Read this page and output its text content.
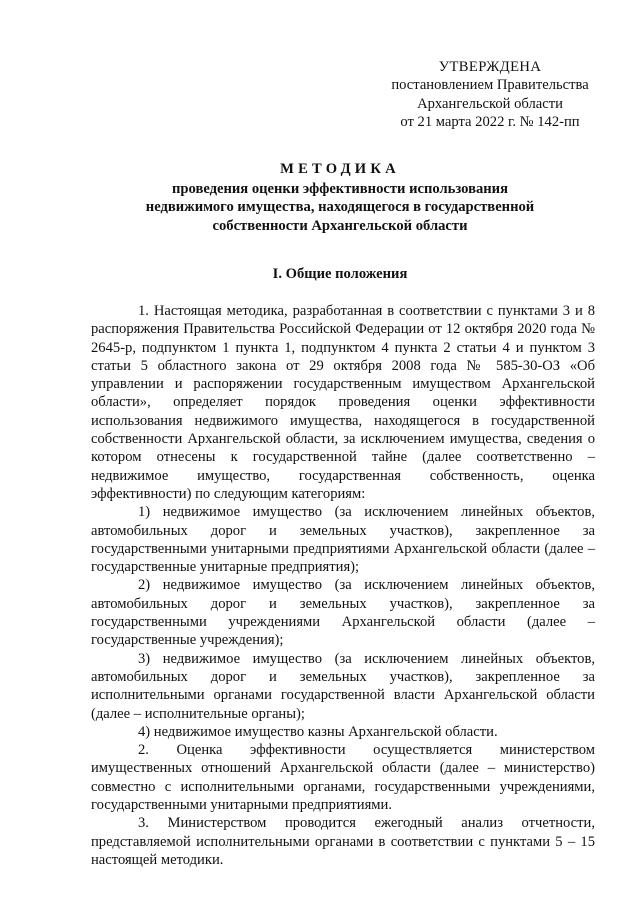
УТВЕРЖДЕНА
постановлением Правительства
Архангельской области
от 21 марта 2022 г. № 142-пп
МЕТОДИКА
проведения оценки эффективности использования
недвижимого имущества, находящегося в государственной
собственности Архангельской области
I. Общие положения

1. Настоящая методика, разработанная в соответствии с пунктами 3 и 8 распоряжения Правительства Российской Федерации от 12 октября 2020 года № 2645-р, подпунктом 1 пункта 1, подпунктом 4 пункта 2 статьи 4 и пунктом 3 статьи 5 областного закона от 29 октября 2008 года № 585-30-ОЗ «Об управлении и распоряжении государственным имуществом Архангельской области», определяет порядок проведения оценки эффективности использования недвижимого имущества, находящегося в государственной собственности Архангельской области, за исключением имущества, сведения о котором отнесены к государственной тайне (далее соответственно – недвижимое имущество, государственная собственность, оценка эффективности) по следующим категориям:

1) недвижимое имущество (за исключением линейных объектов, автомобильных дорог и земельных участков), закрепленное за государственными унитарными предприятиями Архангельской области (далее – государственные унитарные предприятия);

2) недвижимое имущество (за исключением линейных объектов, автомобильных дорог и земельных участков), закрепленное за государственными учреждениями Архангельской области (далее – государственные учреждения);

3) недвижимое имущество (за исключением линейных объектов, автомобильных дорог и земельных участков), закрепленное за исполнительными органами государственной власти Архангельской области (далее – исполнительные органы);

4) недвижимое имущество казны Архангельской области.

2. Оценка эффективности осуществляется министерством имущественных отношений Архангельской области (далее – министерство) совместно с исполнительными органами, государственными учреждениями, государственными унитарными предприятиями.

3. Министерством проводится ежегодный анализ отчетности, представляемой исполнительными органами в соответствии с пунктами 5 – 15 настоящей методики.
